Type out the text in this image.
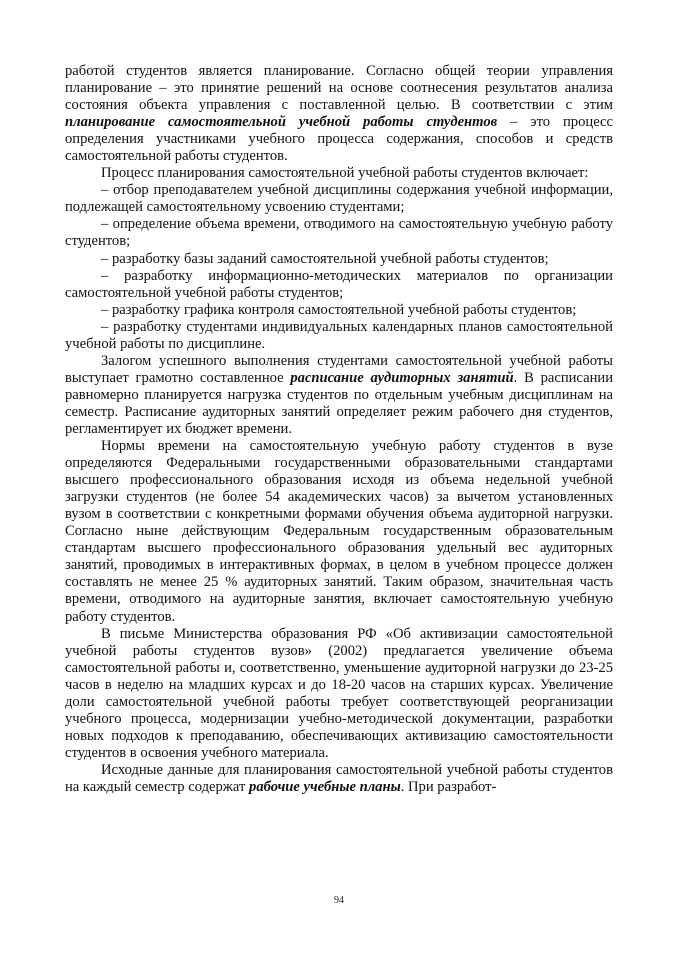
работой студентов является планирование. Согласно общей теории управления планирование – это принятие решений на основе соотнесения результатов анализа состояния объекта управления с поставленной целью. В соответствии с этим планирование самостоятельной учебной работы студентов – это процесс определения участниками учебного процесса содержания, способов и средств самостоятельной работы студентов.

Процесс планирования самостоятельной учебной работы студентов включает:

– отбор преподавателем учебной дисциплины содержания учебной информации, подлежащей самостоятельному усвоению студентами;

– определение объема времени, отводимого на самостоятельную учебную работу студентов;

– разработку базы заданий самостоятельной учебной работы студентов;

– разработку информационно-методических материалов по организации самостоятельной учебной работы студентов;

– разработку графика контроля самостоятельной учебной работы студентов;

– разработку студентами индивидуальных календарных планов самостоятельной учебной работы по дисциплине.

Залогом успешного выполнения студентами самостоятельной учебной работы выступает грамотно составленное расписание аудиторных занятий. В расписании равномерно планируется нагрузка студентов по отдельным учебным дисциплинам на семестр. Расписание аудиторных занятий определяет режим рабочего дня студентов, регламентирует их бюджет времени.

Нормы времени на самостоятельную учебную работу студентов в вузе определяются Федеральными государственными образовательными стандартами высшего профессионального образования исходя из объема недельной учебной загрузки студентов (не более 54 академических часов) за вычетом установленных вузом в соответствии с конкретными формами обучения объема аудиторной нагрузки. Согласно ныне действующим Федеральным государственным образовательным стандартам высшего профессионального образования удельный вес аудиторных занятий, проводимых в интерактивных формах, в целом в учебном процессе должен составлять не менее 25 % аудиторных занятий. Таким образом, значительная часть времени, отводимого на аудиторные занятия, включает самостоятельную учебную работу студентов.

В письме Министерства образования РФ «Об активизации самостоятельной учебной работы студентов вузов» (2002) предлагается увеличение объема самостоятельной работы и, соответственно, уменьшение аудиторной нагрузки до 23-25 часов в неделю на младших курсах и до 18-20 часов на старших курсах. Увеличение доли самостоятельной учебной работы требует соответствующей реорганизации учебного процесса, модернизации учебно-методической документации, разработки новых подходов к преподаванию, обеспечивающих активизацию самостоятельности студентов в освоения учебного материала.

Исходные данные для планирования самостоятельной учебной работы студентов на каждый семестр содержат рабочие учебные планы. При разработ-

94
